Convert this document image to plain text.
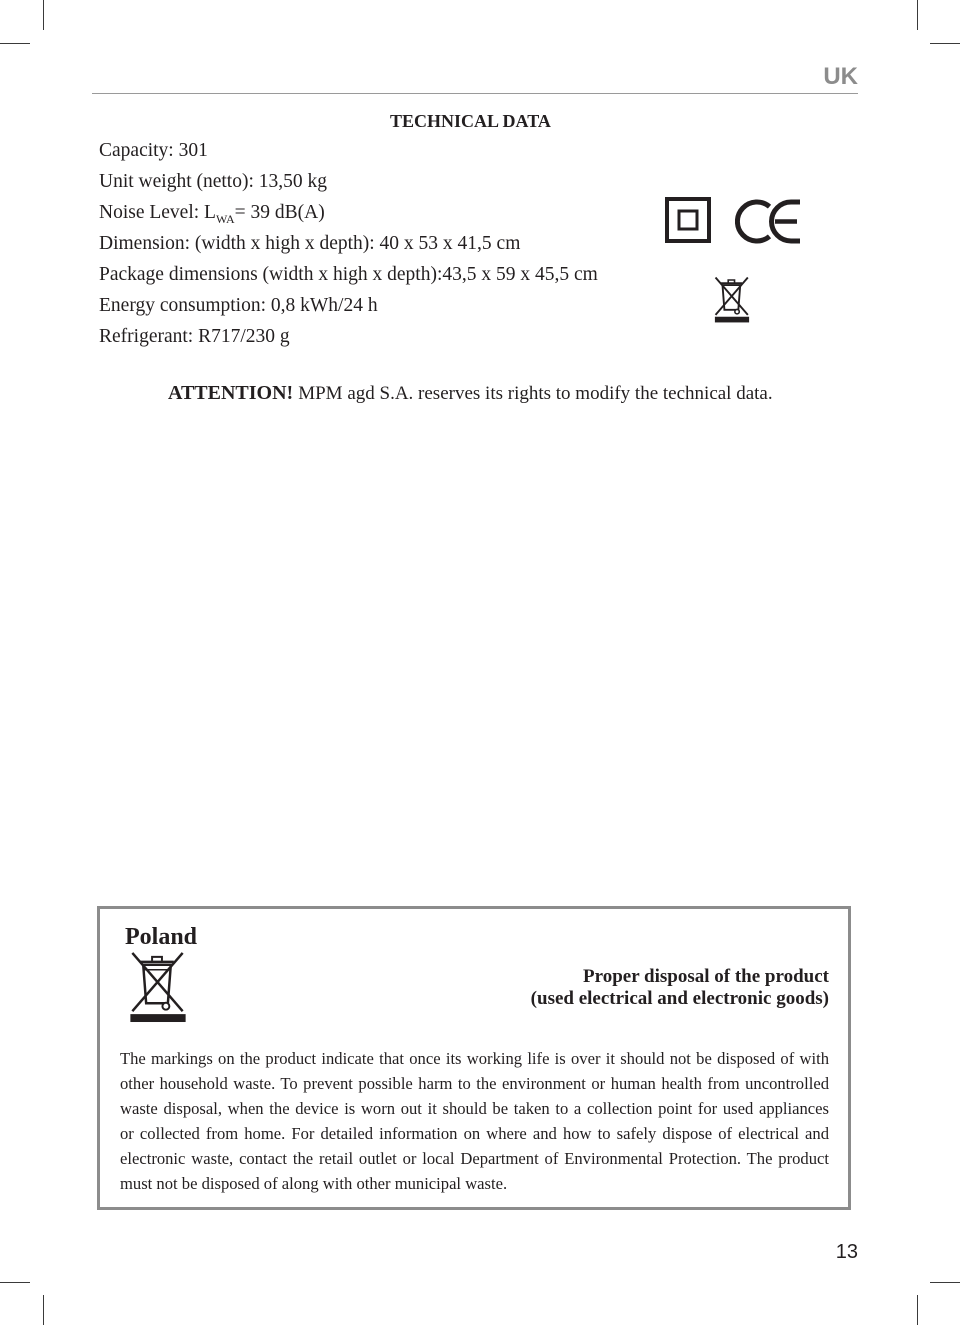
UK
TECHNICAL DATA
Capacity: 301
Unit weight (netto): 13,50 kg
Noise Level: $L_{WA}= 39$ dB(A)
Dimension: (width x high x depth): 40 x 53 x 41,5 cm
Package dimensions (width x high x depth):43,5 x 59 x 45,5 cm
Energy consumption: 0,8 kWh/24 h
Refrigerant: R717/230 g
ATTENTION! MPM agd S.A. reserves its rights to modify the technical data.
Poland
Proper disposal of the product
(used electrical and electronic goods)
The markings on the product indicate that once its working life is over it should not be disposed of with
other household waste. To prevent possible harm to the environment or human health from uncontrolled
waste disposal, when the device is worn out it should be taken to a collection point for used appliances
or collected from home. For detailed information on where and how to safely dispose of electrical and
electronic waste, contact the retail outlet or local Department of Environmental Protection. The product
must not be disposed of along with other municipal waste.
13
